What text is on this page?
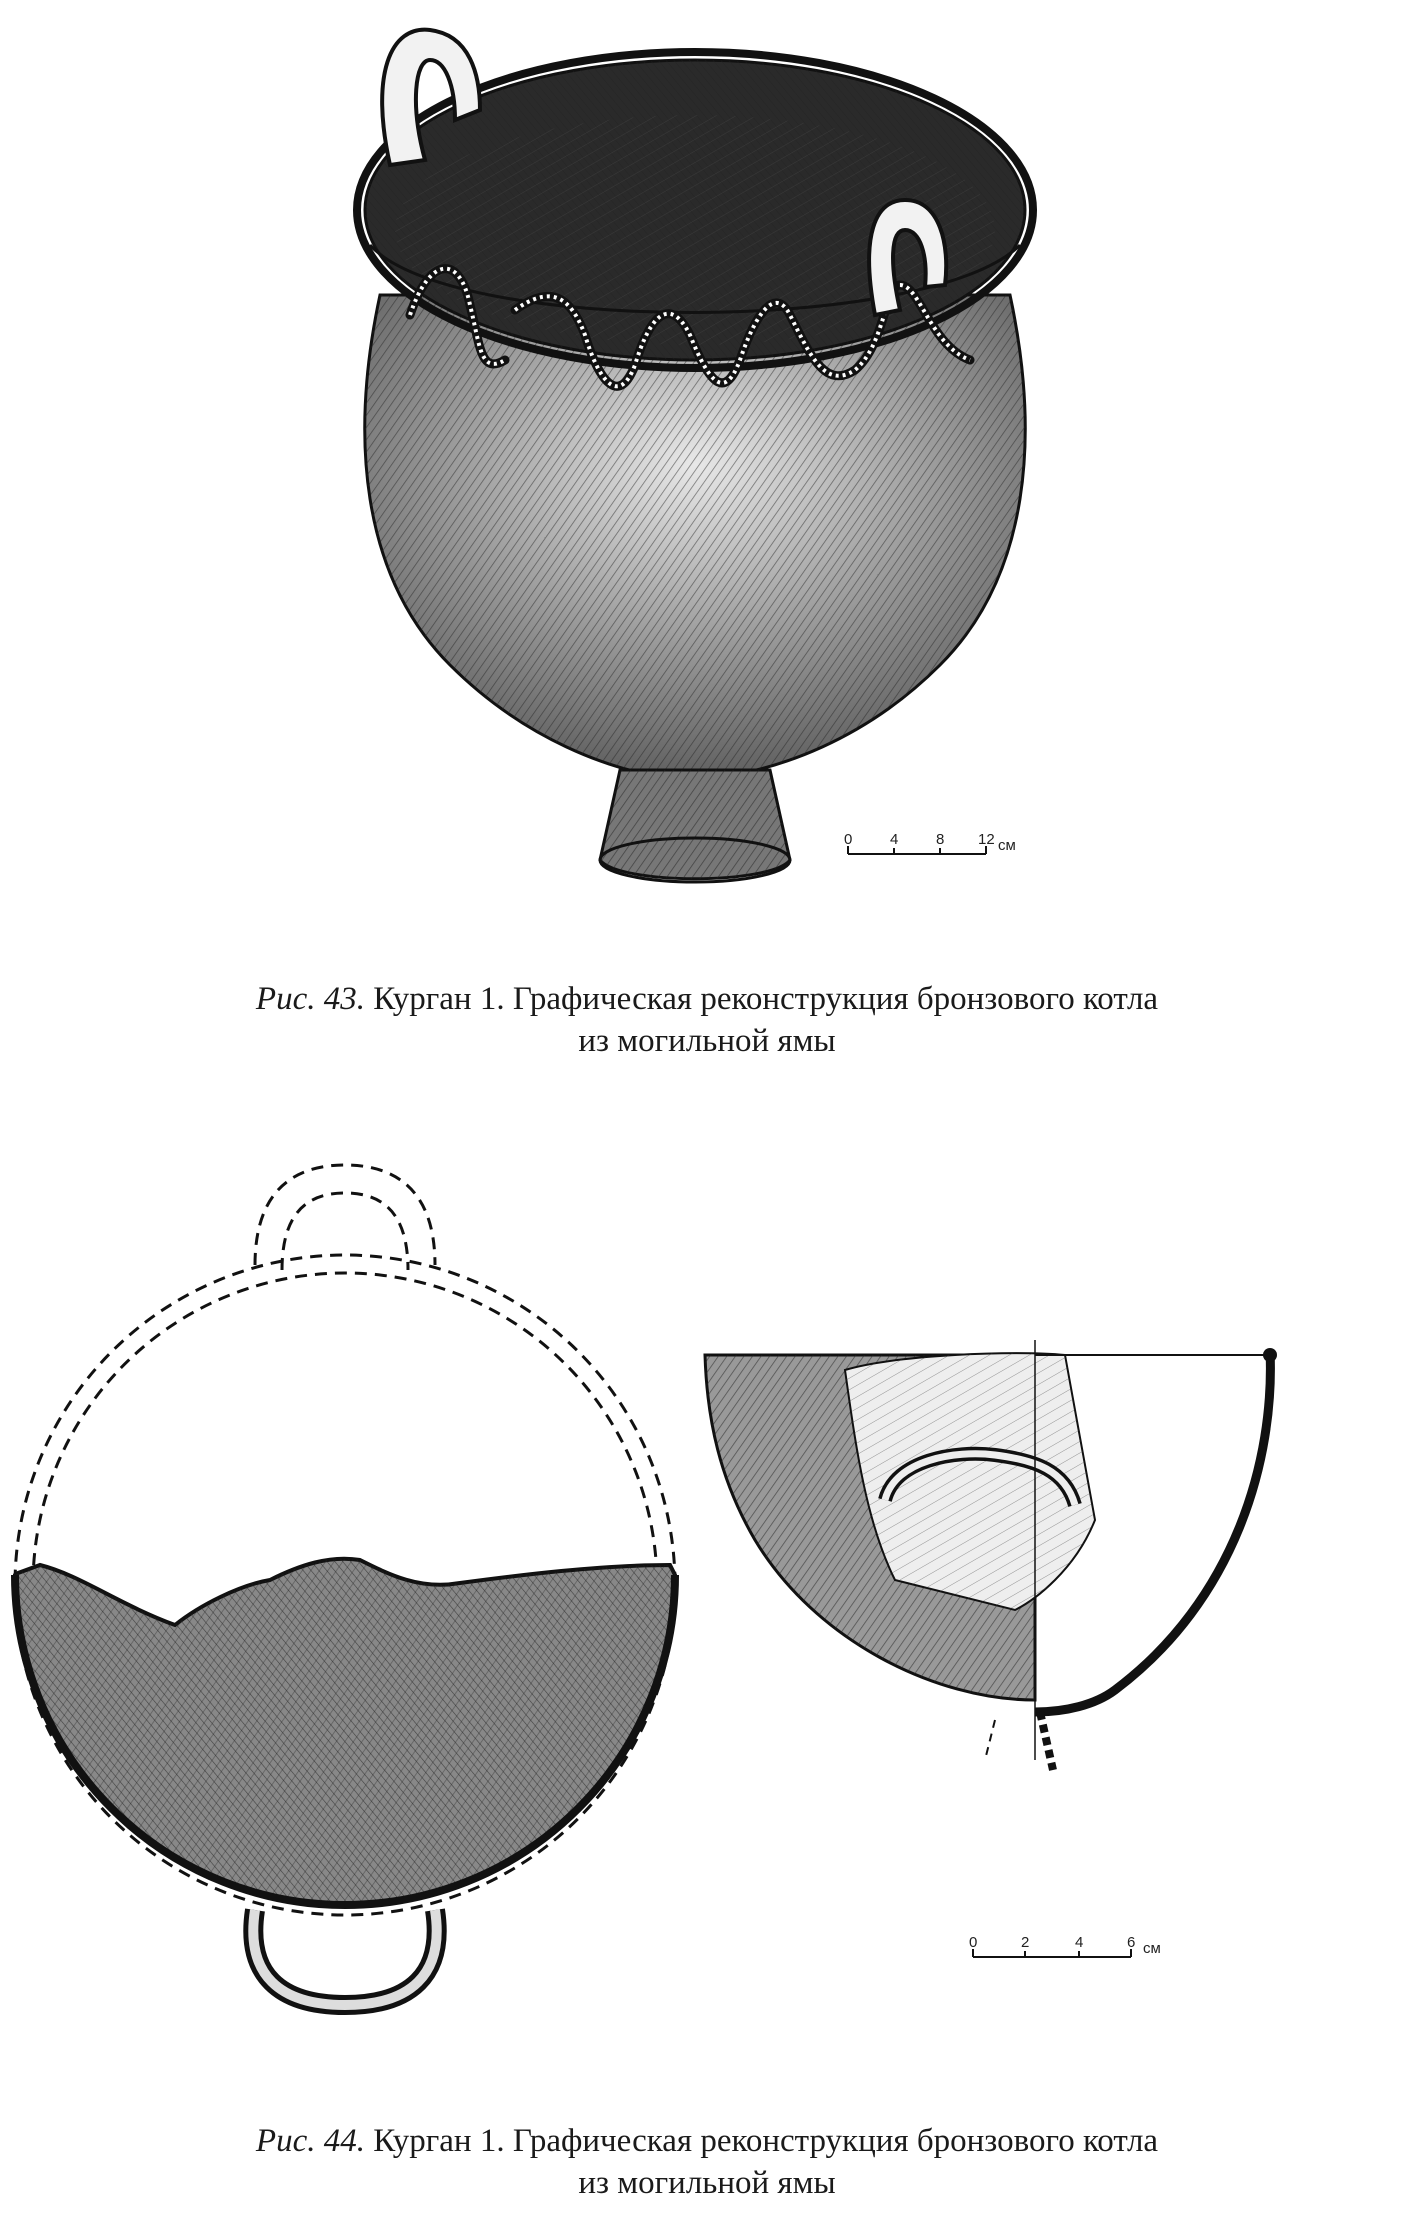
0	4	8 12 см
Рис. 43. Курган 1. Графическая реконструкция бронзового котла
из могильной ямы
0	2	4	6 см
Рис. 44. Курган 1. Графическая реконструкция бронзового котла
из могильной ямы
